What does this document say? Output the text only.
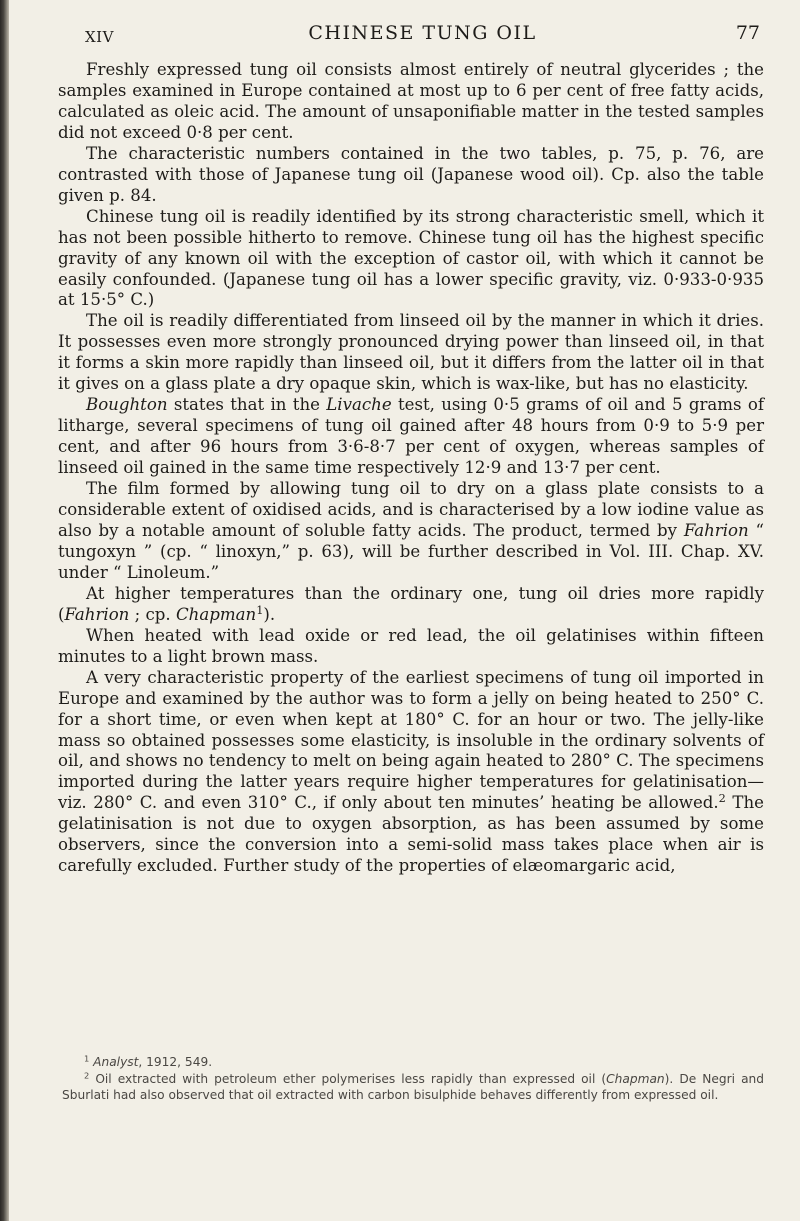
XIV	CHINESE TUNG OIL	77

Freshly expressed tung oil consists almost entirely of neutral glycerides ; the samples examined in Europe contained at most up to 6 per cent of free fatty acids, calculated as oleic acid. The amount of unsaponifiable matter in the tested samples did not exceed 0·8 per cent.

The characteristic numbers contained in the two tables, p. 75, p. 76, are contrasted with those of Japanese tung oil (Japanese wood oil). Cp. also the table given p. 84.

Chinese tung oil is readily identified by its strong characteristic smell, which it has not been possible hitherto to remove. Chinese tung oil has the highest specific gravity of any known oil with the exception of castor oil, with which it cannot be easily confounded. (Japanese tung oil has a lower specific gravity, viz. 0·933-0·935 at 15·5° C.)

The oil is readily differentiated from linseed oil by the manner in which it dries. It possesses even more strongly pronounced drying power than linseed oil, in that it forms a skin more rapidly than linseed oil, but it differs from the latter oil in that it gives on a glass plate a dry opaque skin, which is wax-like, but has no elasticity.

Boughton states that in the Livache test, using 0·5 grams of oil and 5 grams of litharge, several specimens of tung oil gained after 48 hours from 0·9 to 5·9 per cent, and after 96 hours from 3·6-8·7 per cent of oxygen, whereas samples of linseed oil gained in the same time respectively 12·9 and 13·7 per cent.

The film formed by allowing tung oil to dry on a glass plate consists to a considerable extent of oxidised acids, and is characterised by a low iodine value as also by a notable amount of soluble fatty acids. The product, termed by Fahrion “ tungoxyn ” (cp. “ linoxyn,” p. 63), will be further described in Vol. III. Chap. XV. under “ Linoleum.”

At higher temperatures than the ordinary one, tung oil dries more rapidly (Fahrion ; cp. Chapman$^1$).

When heated with lead oxide or red lead, the oil gelatinises within fifteen minutes to a light brown mass.

A very characteristic property of the earliest specimens of tung oil imported in Europe and examined by the author was to form a jelly on being heated to 250° C. for a short time, or even when kept at 180° C. for an hour or two. The jelly-like mass so obtained possesses some elasticity, is insoluble in the ordinary solvents of oil, and shows no tendency to melt on being again heated to 280° C. The specimens imported during the latter years require higher temperatures for gelatinisation—viz. 280° C. and even 310° C., if only about ten minutes’ heating be allowed.$^2$ The gelatinisation is not due to oxygen absorption, as has been assumed by some observers, since the conversion into a semi-solid mass takes place when air is carefully excluded. Further study of the properties of elæomargaric acid,

$^1$ Analyst, 1912, 549.

$^2$ Oil extracted with petroleum ether polymerises less rapidly than expressed oil (Chapman). De Negri and Sburlati had also observed that oil extracted with carbon bisulphide behaves differently from expressed oil.
